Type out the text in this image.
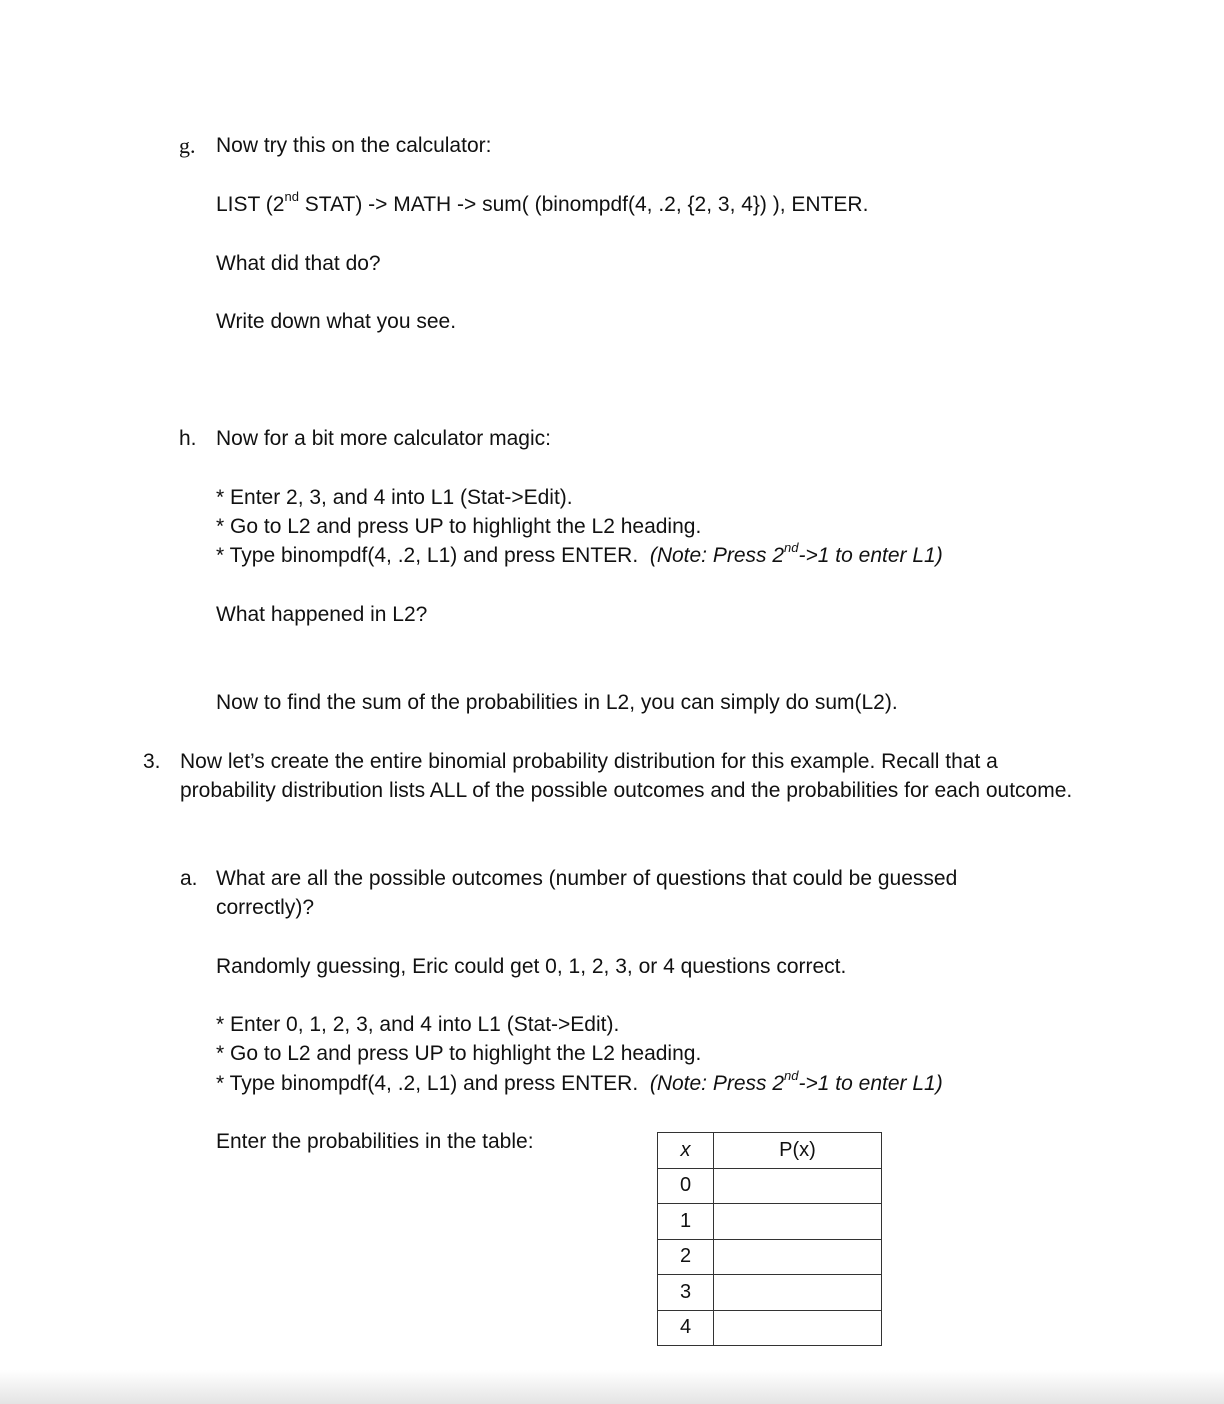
g. Now try this on the calculator:
LIST (2nd STAT) -> MATH -> sum( (binompdf(4, .2, {2, 3, 4}) ), ENTER.
What did that do?
Write down what you see.
h. Now for a bit more calculator magic:
* Enter 2, 3, and 4 into L1 (Stat->Edit).
* Go to L2 and press UP to highlight the L2 heading.
* Type binompdf(4, .2, L1) and press ENTER. (Note: Press 2nd->1 to enter L1)
What happened in L2?
Now to find the sum of the probabilities in L2, you can simply do sum(L2).
3. Now let’s create the entire binomial probability distribution for this example. Recall that a probability distribution lists ALL of the possible outcomes and the probabilities for each outcome.
a. What are all the possible outcomes (number of questions that could be guessed correctly)?
Randomly guessing, Eric could get 0, 1, 2, 3, or 4 questions correct.
* Enter 0, 1, 2, 3, and 4 into L1 (Stat->Edit).
* Go to L2 and press UP to highlight the L2 heading.
* Type binompdf(4, .2, L1) and press ENTER. (Note: Press 2nd->1 to enter L1)
Enter the probabilities in the table:	x	P(x)
0	
1	
2	
3	
4	
